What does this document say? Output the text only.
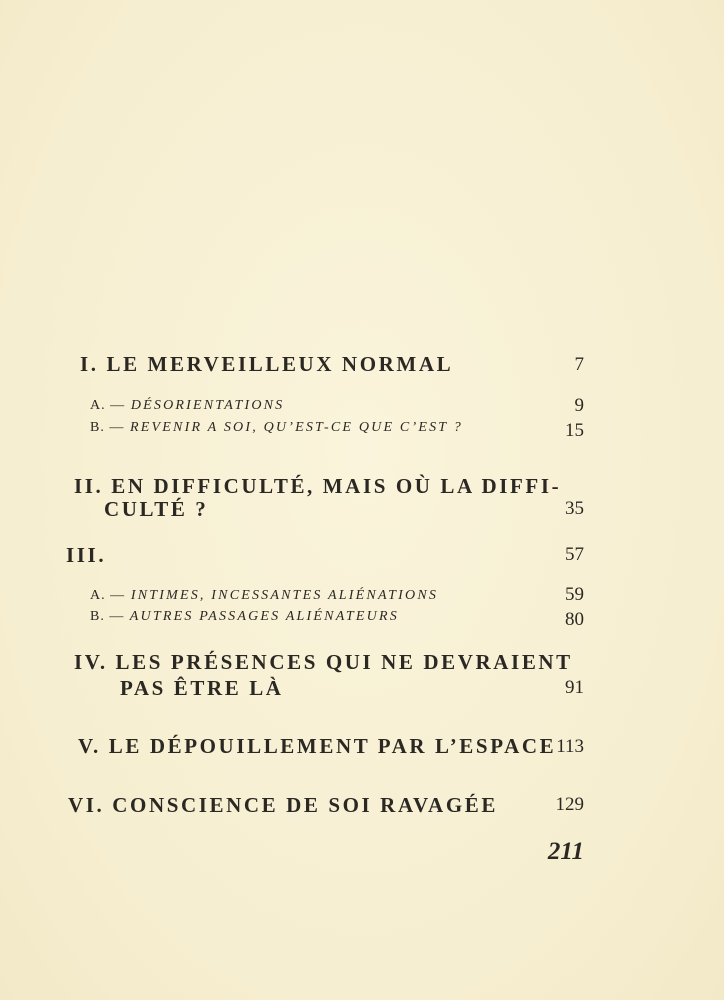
I. LE MERVEILLEUX NORMAL	7
A. — DÉSORIENTATIONS	9
B. — REVENIR A SOI, QU’EST-CE QUE C’EST ?	15
II. EN DIFFICULTÉ, MAIS OÙ LA DIFFI-
CULTÉ ?	35
III.	57
A. — INTIMES, INCESSANTES ALIÉNATIONS	59
B. — AUTRES PASSAGES ALIÉNATEURS	80
IV. LES PRÉSENCES QUI NE DEVRAIENT
PAS ÊTRE LÀ	91
V. LE DÉPOUILLEMENT PAR L’ESPACE 113
VI. CONSCIENCE DE SOI RAVAGÉE	129
211
